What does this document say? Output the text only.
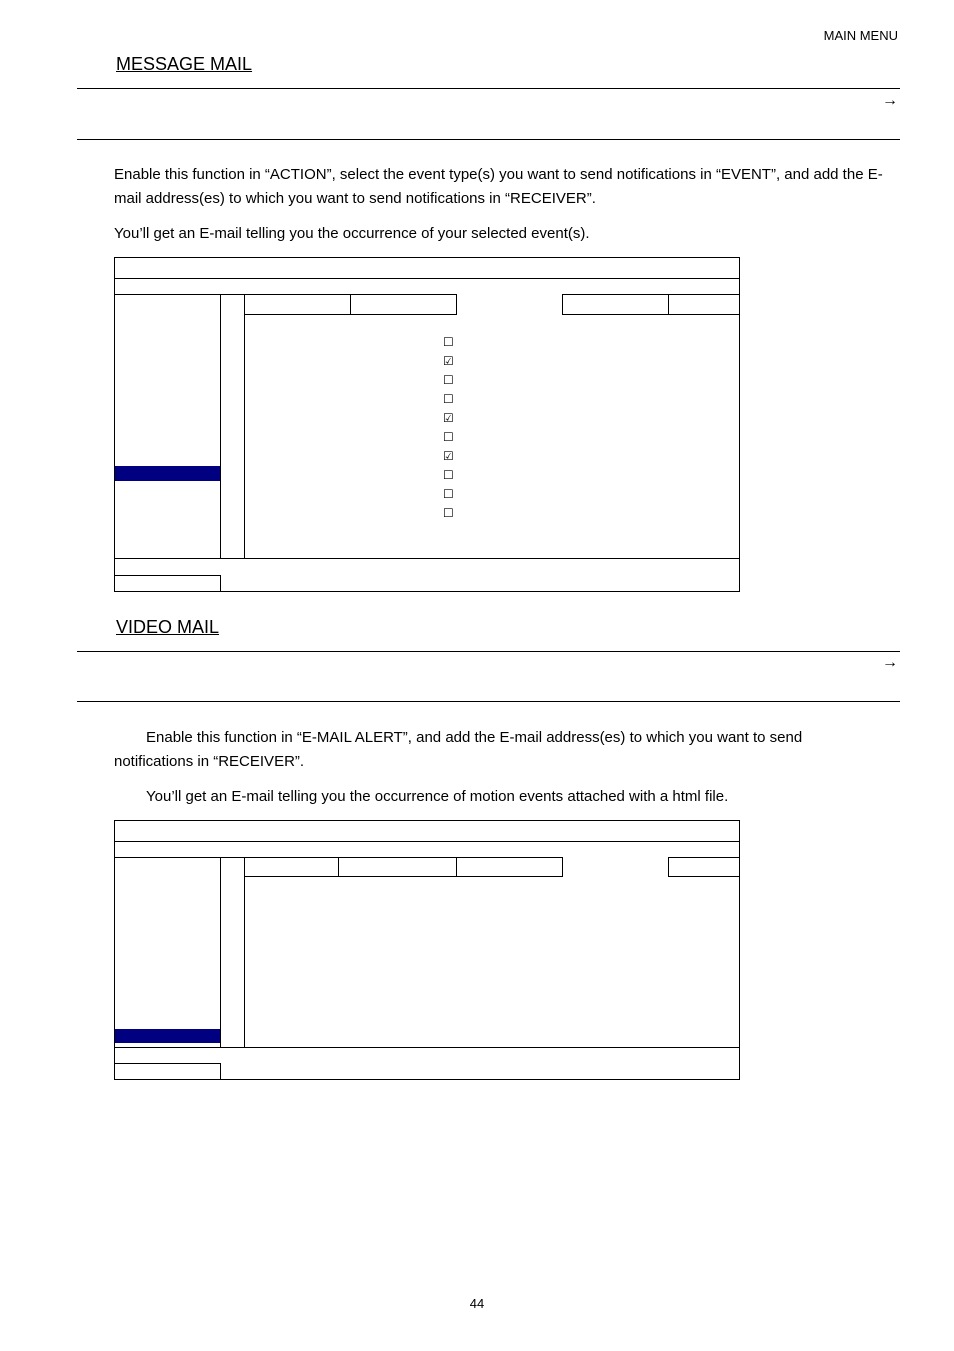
MAIN MENU
MESSAGE MAIL
→
Enable this function in “ACTION”, select the event type(s) you want to send notifications in “EVENT”, and add the E-mail address(es) to which you want to send notifications in “RECEIVER”.
You’ll get an E-mail telling you the occurrence of your selected event(s).
☐
☑
☐
☐
☑
☐
☑
☐
☐
☐
VIDEO MAIL
→
Enable this function in “E-MAIL ALERT”, and add the E-mail address(es) to which you want to send notifications in “RECEIVER”.
You’ll get an E-mail telling you the occurrence of motion events attached with a html file.
44
